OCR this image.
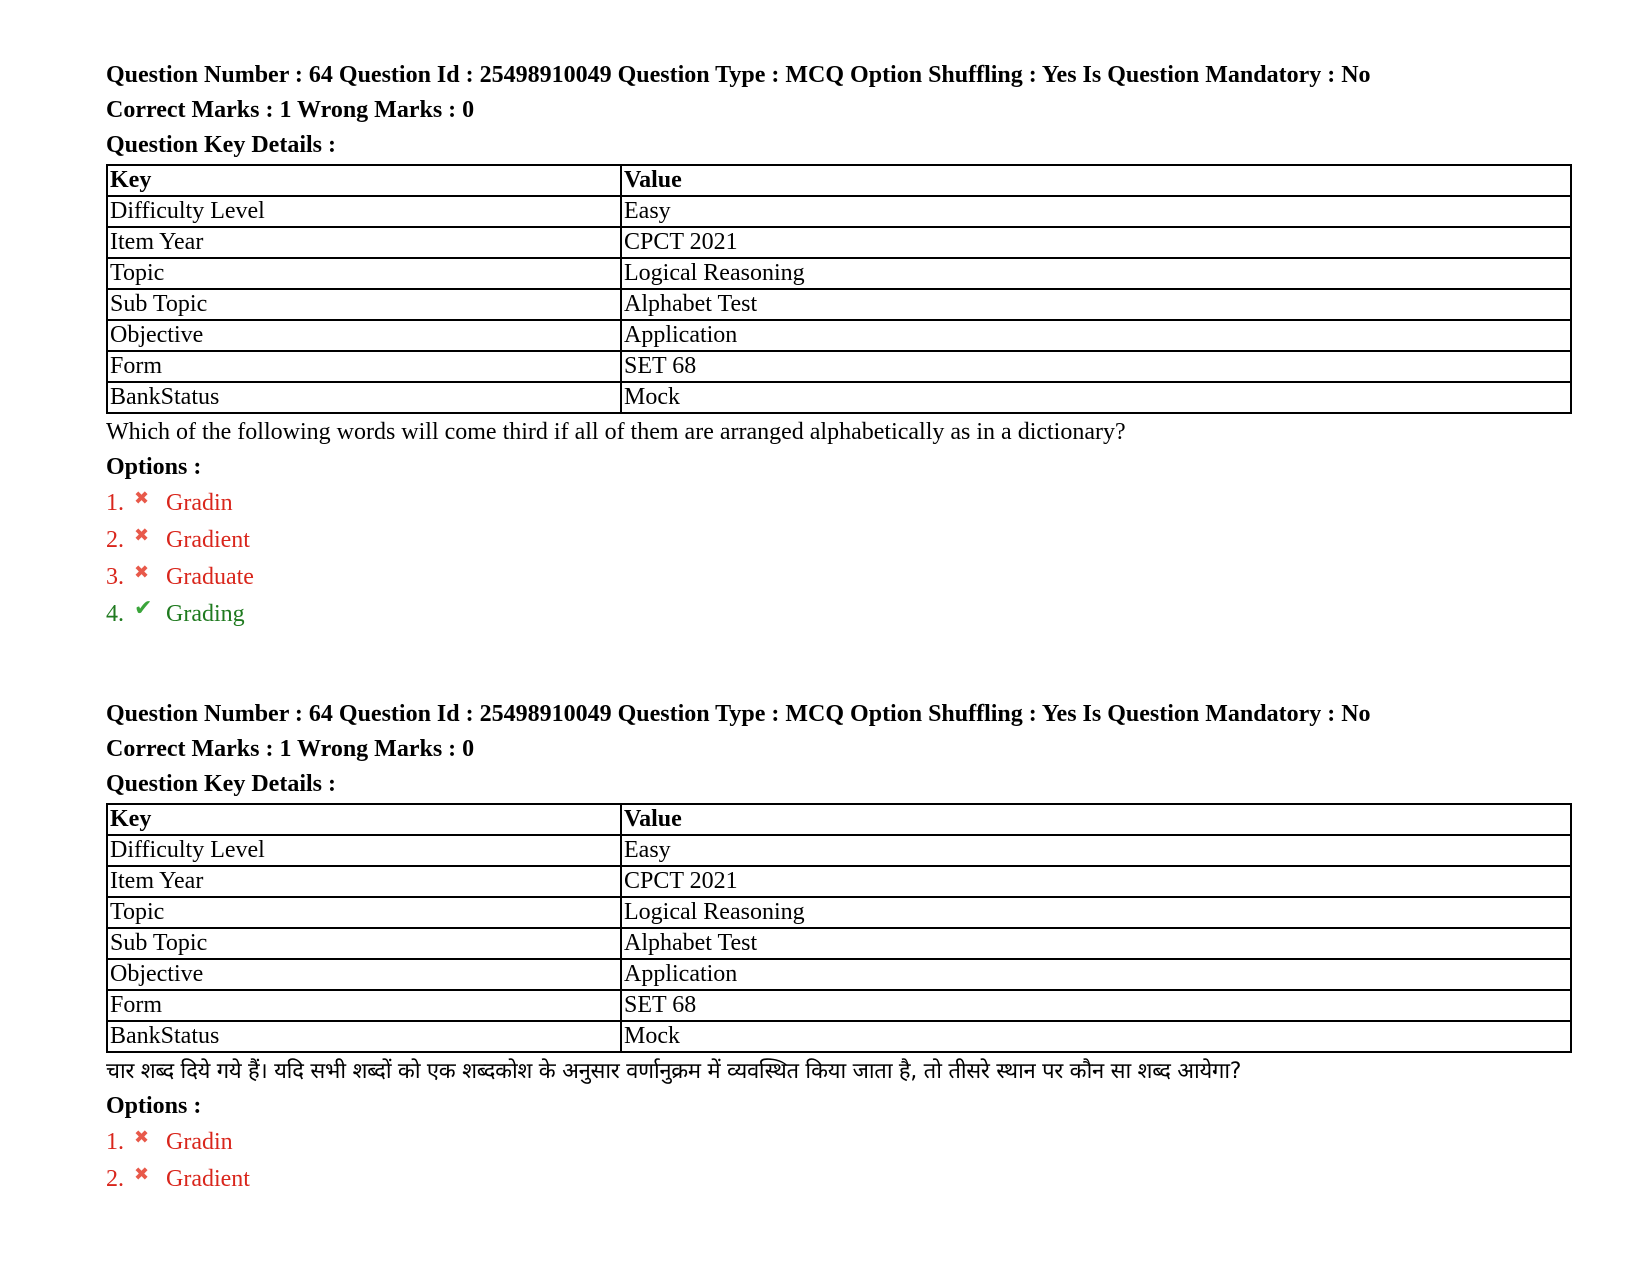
Question Number : 64 Question Id : 25498910049 Question Type : MCQ Option Shuffling : Yes Is Question Mandatory : No
Correct Marks : 1 Wrong Marks : 0
Question Key Details :
Key	Value
Difficulty Level	Easy
Item Year	CPCT 2021
Topic	Logical Reasoning
Sub Topic	Alphabet Test
Objective	Application
Form	SET 68
BankStatus	Mock
Which of the following words will come third if all of them are arranged alphabetically as in a dictionary?
Options :
1. ✖ Gradin
2. ✖ Gradient
3. ✖ Graduate
4. ✔ Grading
Question Number : 64 Question Id : 25498910049 Question Type : MCQ Option Shuffling : Yes Is Question Mandatory : No
Correct Marks : 1 Wrong Marks : 0
Question Key Details :
Key	Value
Difficulty Level	Easy
Item Year	CPCT 2021
Topic	Logical Reasoning
Sub Topic	Alphabet Test
Objective	Application
Form	SET 68
BankStatus	Mock
चार शब्द दिये गये हैं। यदि सभी शब्दों को एक शब्दकोश के अनुसार वर्णानुक्रम में व्यवस्थित किया जाता है, तो तीसरे स्थान पर कौन सा शब्द आयेगा?
Options :
1. ✖ Gradin
2. ✖ Gradient
